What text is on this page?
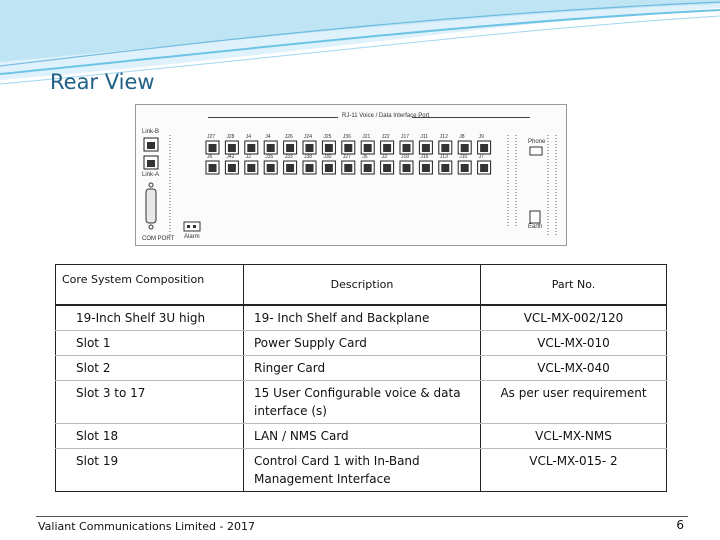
Rear View
RJ-11 Voice / Data Interface Port
Link-B
Link-A
COM PORT Alarm
Phone
Earth
J27 J28 J4	J4	J26 J24 J25 J36 J21 J22 J17 J11 J12 J8	J9
J6	J42 J2	J35 J33 J38 J30 J27 J5	J3	J18 J16 J13 J10 J7
Core System Composition	Description	Part No.
19-Inch Shelf 3U high	19- Inch Shelf and Backplane	VCL-MX-002/120
Slot 1	Power Supply Card	VCL-MX-010
Slot 2	Ringer Card	VCL-MX-040
Slot 3 to 17	15 User Configurable voice & data interface (s)	As per user requirement
Slot 18	LAN / NMS Card	VCL-MX-NMS
Slot 19	Control Card 1 with In-Band Management Interface	VCL-MX-015- 2
Valiant Communications Limited - 2017	6
